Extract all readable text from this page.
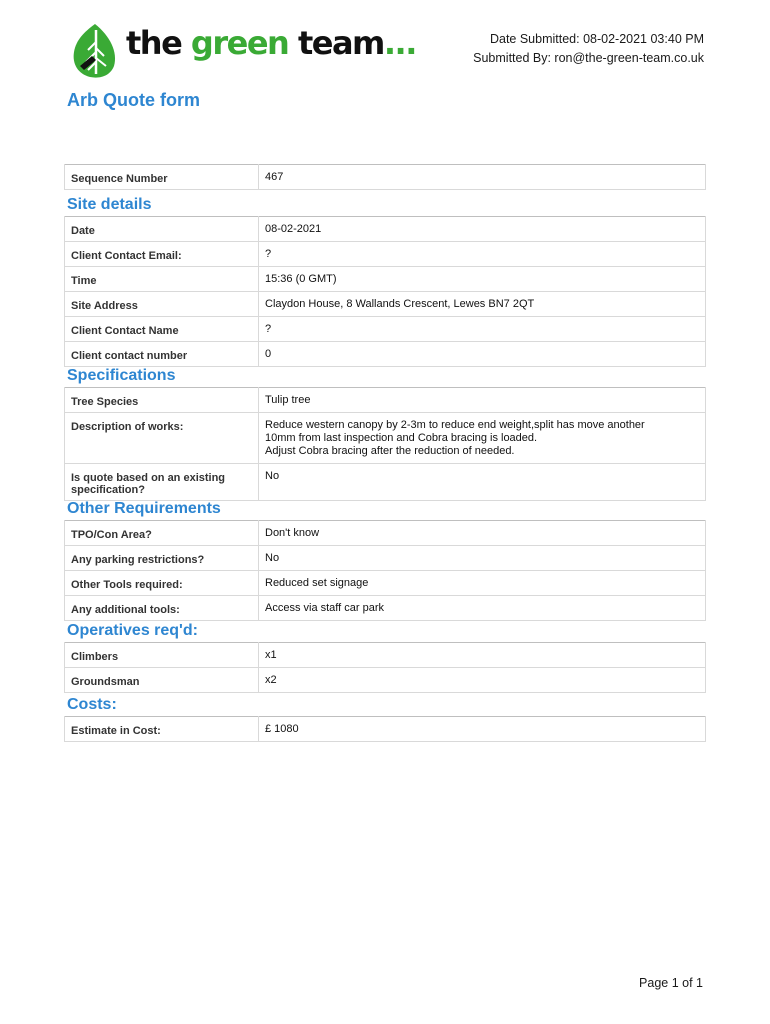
the green team...	Date Submitted: 08-02-2021 03:40 PM
Submitted By: ron@the-green-team.co.uk
Arb Quote form
Sequence Number	467
Site details
Date	08-02-2021
Client Contact Email:	?
Time	15:36 (0 GMT)
Site Address	Claydon House, 8 Wallands Crescent, Lewes BN7 2QT
Client Contact Name	?
Client contact number	0
Specifications
Tree Species	Tulip tree
Description of works:	Reduce western canopy by 2-3m to reduce end weight,split has move another
10mm from last inspection and Cobra bracing is loaded.
Adjust Cobra bracing after the reduction of needed.
Is quote based on an existing specification?	No
Other Requirements
TPO/Con Area?	Don't know
Any parking restrictions?	No
Other Tools required:	Reduced set signage
Any additional tools:	Access via staff car park
Operatives req'd:
Climbers	x1
Groundsman	x2
Costs:
Estimate in Cost:	£ 1080
Page 1 of 1
